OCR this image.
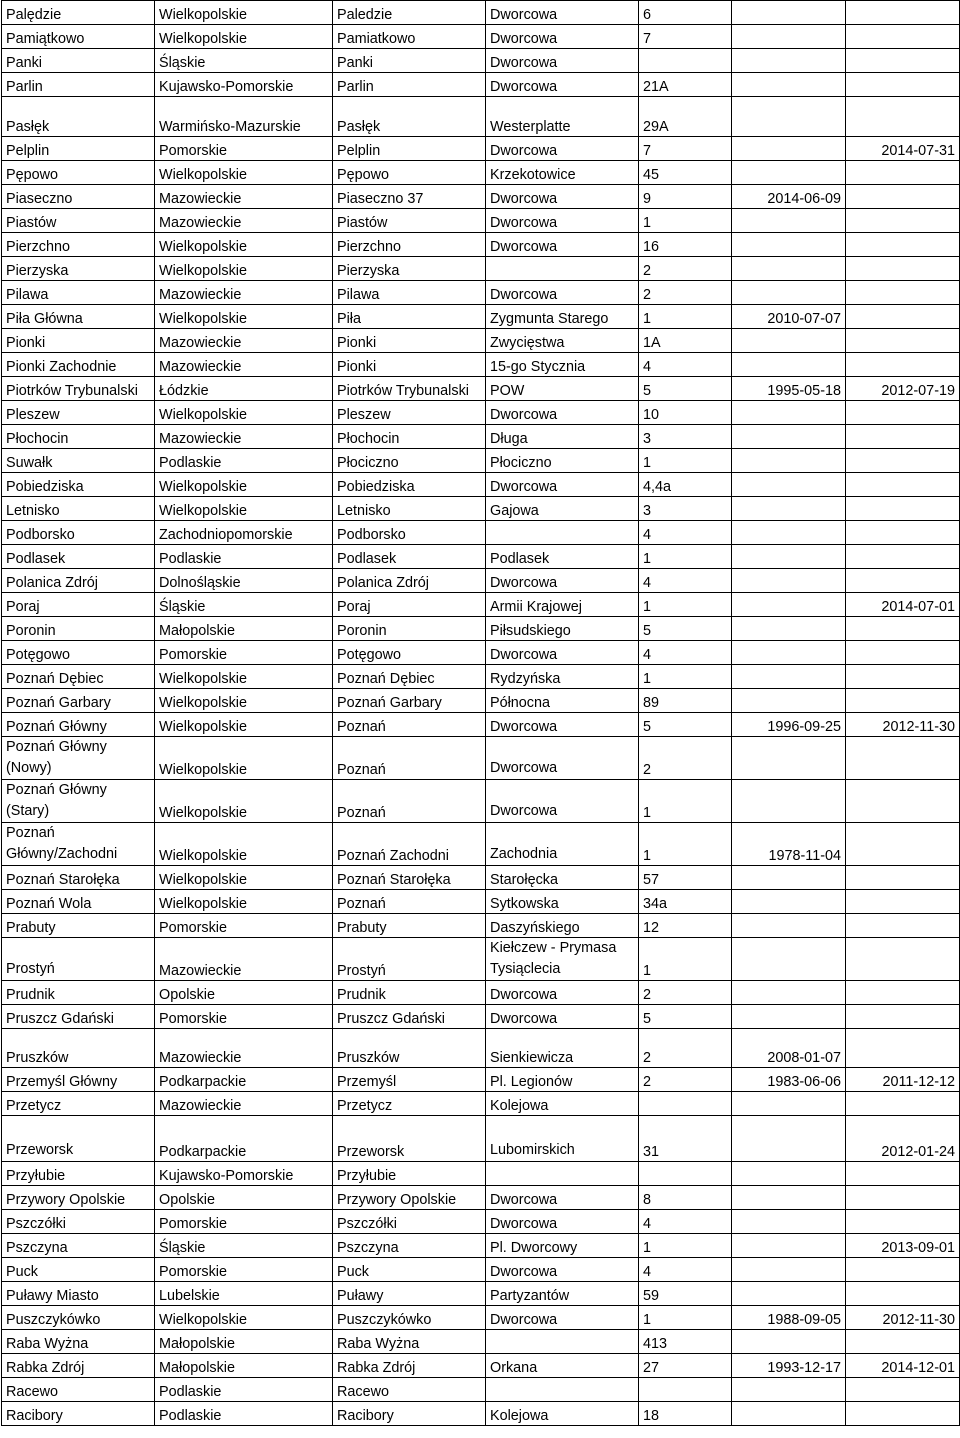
Palędzie	Wielkopolskie	Paledzie	Dworcowa	6		
Pamiątkowo	Wielkopolskie	Pamiatkowo	Dworcowa	7		
Panki	Śląskie	Panki	Dworcowa			
Parlin	Kujawsko-Pomorskie	Parlin	Dworcowa	21A		
Pasłęk	Warmińsko-Mazurskie	Pasłęk	Westerplatte	29A		
Pelplin	Pomorskie	Pelplin	Dworcowa	7		2014-07-31
Pępowo	Wielkopolskie	Pępowo	Krzekotowice	45		
Piaseczno	Mazowieckie	Piaseczno 37	Dworcowa	9	2014-06-09	
Piastów	Mazowieckie	Piastów	Dworcowa	1		
Pierzchno	Wielkopolskie	Pierzchno	Dworcowa	16		
Pierzyska	Wielkopolskie	Pierzyska		2		
Pilawa	Mazowieckie	Pilawa	Dworcowa	2		
Piła Główna	Wielkopolskie	Piła	Zygmunta Starego	1	2010-07-07	
Pionki	Mazowieckie	Pionki	Zwycięstwa	1A		
Pionki Zachodnie	Mazowieckie	Pionki	15-go Stycznia	4		
Piotrków Trybunalski	Łódzkie	Piotrków Trybunalski	POW	5	1995-05-18	2012-07-19
Pleszew	Wielkopolskie	Pleszew	Dworcowa	10		
Płochocin	Mazowieckie	Płochocin	Długa	3		
Suwałk	Podlaskie	Płociczno	Płociczno	1		
Pobiedziska	Wielkopolskie	Pobiedziska	Dworcowa	4,4a		
Letnisko	Wielkopolskie	Letnisko	Gajowa	3		
Podborsko	Zachodniopomorskie	Podborsko		4		
Podlasek	Podlaskie	Podlasek	Podlasek	1		
Polanica Zdrój	Dolnośląskie	Polanica Zdrój	Dworcowa	4		
Poraj	Śląskie	Poraj	Armii Krajowej	1		2014-07-01
Poronin	Małopolskie	Poronin	Piłsudskiego	5		
Potęgowo	Pomorskie	Potęgowo	Dworcowa	4		
Poznań Dębiec	Wielkopolskie	Poznań Dębiec	Rydzyńska	1		
Poznań Garbary	Wielkopolskie	Poznań Garbary	Północna	89		
Poznań Główny	Wielkopolskie	Poznań	Dworcowa	5	1996-09-25	2012-11-30
Poznań Główny (Nowy)	Wielkopolskie	Poznań	Dworcowa	2		
Poznań Główny (Stary)	Wielkopolskie	Poznań	Dworcowa	1		
Poznań Główny/Zachodni	Wielkopolskie	Poznań Zachodni	Zachodnia	1	1978-11-04	
Poznań Starołęka	Wielkopolskie	Poznań Starołęka	Starołęcka	57		
Poznań Wola	Wielkopolskie	Poznań	Sytkowska	34a		
Prabuty	Pomorskie	Prabuty	Daszyńskiego	12		
Prostyń	Mazowieckie	Prostyń	Kiełczew - Prymasa Tysiąclecia	1		
Prudnik	Opolskie	Prudnik	Dworcowa	2		
Pruszcz Gdański	Pomorskie	Pruszcz Gdański	Dworcowa	5		
Pruszków	Mazowieckie	Pruszków	Sienkiewicza	2	2008-01-07	
Przemyśl Główny	Podkarpackie	Przemyśl	Pl. Legionów	2	1983-06-06	2011-12-12
Przetycz	Mazowieckie	Przetycz	Kolejowa			
Przeworsk	Podkarpackie	Przeworsk	Lubomirskich	31		2012-01-24
Przyłubie	Kujawsko-Pomorskie	Przyłubie				
Przywory Opolskie	Opolskie	Przywory Opolskie	Dworcowa	8		
Pszczółki	Pomorskie	Pszczółki	Dworcowa	4		
Pszczyna	Śląskie	Pszczyna	Pl. Dworcowy	1		2013-09-01
Puck	Pomorskie	Puck	Dworcowa	4		
Puławy Miasto	Lubelskie	Puławy	Partyzantów	59		
Puszczykówko	Wielkopolskie	Puszczykówko	Dworcowa	1	1988-09-05	2012-11-30
Raba Wyżna	Małopolskie	Raba Wyżna		413		
Rabka Zdrój	Małopolskie	Rabka Zdrój	Orkana	27	1993-12-17	2014-12-01
Racewo	Podlaskie	Racewo				
Racibory	Podlaskie	Racibory	Kolejowa	18		
